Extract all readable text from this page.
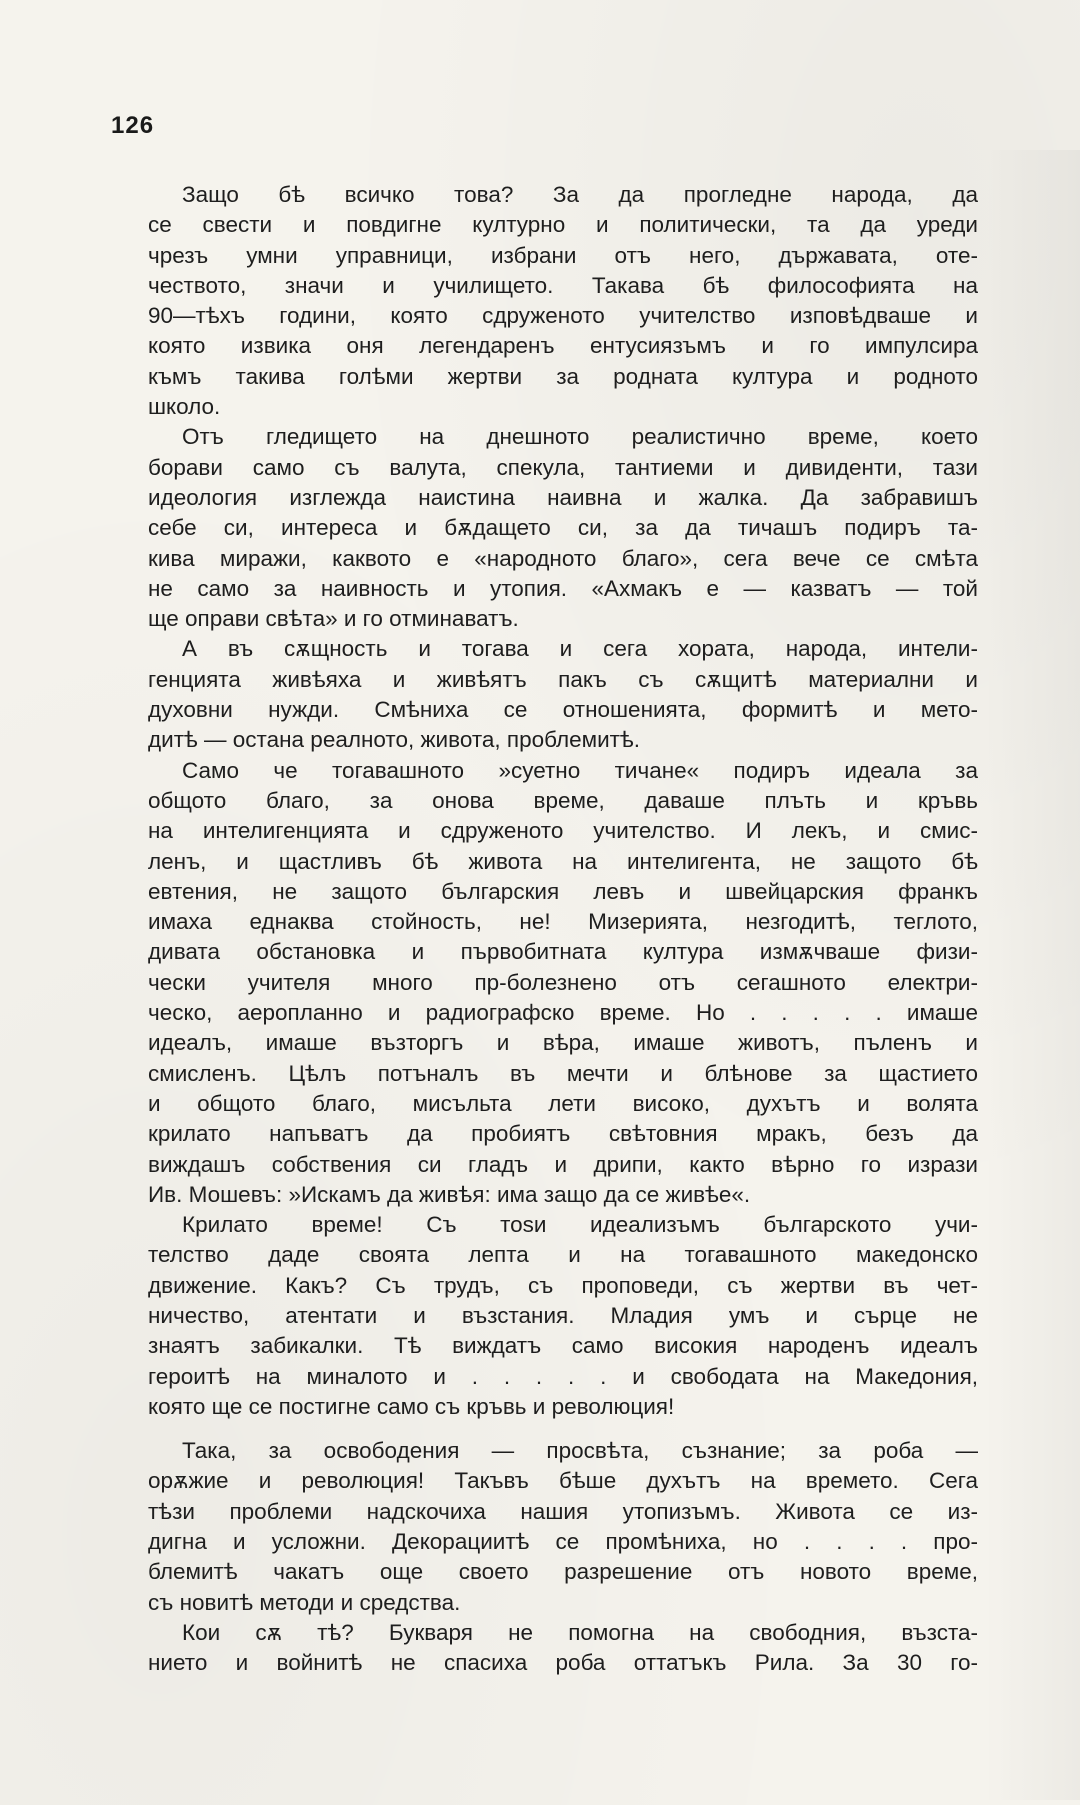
126
Защо бѣ всичко това? За да прогледне народа, да
се свести и повдигне културно и политически, та да уреди
чрезъ умни управници, избрани отъ него, държавата, оте-
чеството, значи и училището. Такава бѣ философията на
90—тѣхъ години, която сдруженото учителство изповѣдваше и
която извика оня легендаренъ ентусиязъмъ и го импулсира
къмъ такива голѣми жертви за родната култура и родното
школо.
Отъ гледището на днешното реалистично време, което
борави само съ валута, спекула, тантиеми и дивиденти, тази
идеология изглежда наистина наивна и жалка. Да забравишъ
себе си, интереса и бѫдащето си, за да тичашъ подиръ та-
кива миражи, каквото е «народното благо», сега вече се смѣта
не само за наивность и утопия. «Ахмакъ е — казватъ — той
ще оправи свѣта» и го отминаватъ.
А въ сѫщность и тогава и сега хората, народа, интели-
генцията живѣяха и живѣятъ пакъ съ сѫщитѣ материални и
духовни нужди. Смѣниха се отношенията, формитѣ и мето-
дитѣ — остана реалното, живота, проблемитѣ.
Само че тогавашното »суетно тичане« подиръ идеала за
общото благо, за онова време, даваше плъть и кръвь
на интелигенцията и сдруженото учителство. И лекъ, и смис-
ленъ, и щастливъ бѣ живота на интелигента, не защото бѣ
евтения, не защото българския левъ и швейцарския франкъ
имаха еднаква стойность, не! Мизерията, незгодитѣ, теглото,
дивата обстановка и първобитната култура измѫчваше физи-
чески учителя много пр-болезнено отъ сегашното електри-
ческо, аеропланно и радиографско време. Но . . . . . имаше
идеалъ, имаше възторгъ и вѣра, имаше животъ, пъленъ и
смисленъ. Цѣлъ потъналъ въ мечти и блѣнове за щастието
и общото благо, мисъльта лети високо, духътъ и волята
крилато напъватъ да пробиятъ свѣтовния мракъ, безъ да
виждашъ собствения си гладъ и дрипи, както вѣрно го изрази
Ив. Мошевъ: »Искамъ да живѣя: има защо да се живѣе«.
Крилато време! Съ тоѕи идеализъмъ българското учи-
телство даде своята лепта и на тогавашното македонско
движение. Какъ? Съ трудъ, съ проповеди, съ жертви въ чет-
ничество, атентати и възстания. Младия умъ и сърце не
знаятъ забикалки. Тѣ виждатъ само високия народенъ идеалъ
героитѣ на миналото и . . . . . и свободата на Македония,
която ще се постигне само съ кръвь и революция!
Така, за освободения — просвѣта, съзнание; за роба —
орѫжие и революция! Такъвъ бѣше духътъ на времето. Сега
тѣзи проблеми надскочиха нашия утопизъмъ. Живота се из-
дигна и усложни. Декорациитѣ се промѣниха, но . . . . про-
блемитѣ чакатъ още своето разрешение отъ новото време,
съ новитѣ методи и средства.
Кои сѫ тѣ? Букваря не помогна на свободния, възста-
нието и войнитѣ не спасиха роба оттатъкъ Рила. За 30 го-
